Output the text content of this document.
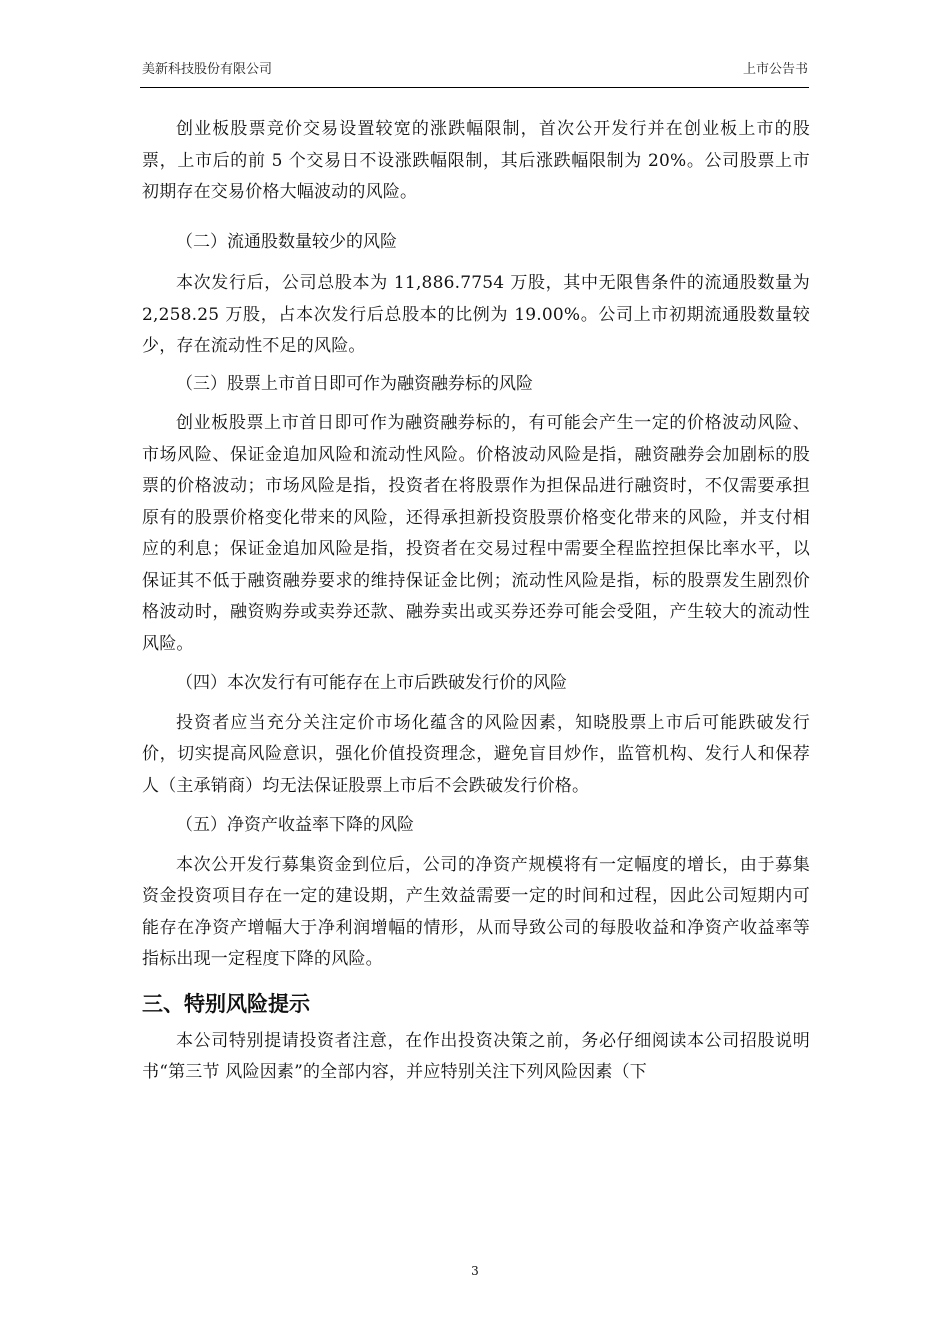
美新科技股份有限公司	上市公告书

创业板股票竞价交易设置较宽的涨跌幅限制，首次公开发行并在创业板上市的股票，上市后的前 5 个交易日不设涨跌幅限制，其后涨跌幅限制为 20%。公司股票上市初期存在交易价格大幅波动的风险。

（二）流通股数量较少的风险

本次发行后，公司总股本为 11,886.7754 万股，其中无限售条件的流通股数量为 2,258.25 万股，占本次发行后总股本的比例为 19.00%。公司上市初期流通股数量较少，存在流动性不足的风险。

（三）股票上市首日即可作为融资融券标的风险

创业板股票上市首日即可作为融资融券标的，有可能会产生一定的价格波动风险、市场风险、保证金追加风险和流动性风险。价格波动风险是指，融资融券会加剧标的股票的价格波动；市场风险是指，投资者在将股票作为担保品进行融资时，不仅需要承担原有的股票价格变化带来的风险，还得承担新投资股票价格变化带来的风险，并支付相应的利息；保证金追加风险是指，投资者在交易过程中需要全程监控担保比率水平，以保证其不低于融资融券要求的维持保证金比例；流动性风险是指，标的股票发生剧烈价格波动时，融资购券或卖券还款、融券卖出或买券还券可能会受阻，产生较大的流动性风险。

（四）本次发行有可能存在上市后跌破发行价的风险

投资者应当充分关注定价市场化蕴含的风险因素，知晓股票上市后可能跌破发行价，切实提高风险意识，强化价值投资理念，避免盲目炒作，监管机构、发行人和保荐人（主承销商）均无法保证股票上市后不会跌破发行价格。

（五）净资产收益率下降的风险

本次公开发行募集资金到位后，公司的净资产规模将有一定幅度的增长，由于募集资金投资项目存在一定的建设期，产生效益需要一定的时间和过程，因此公司短期内可能存在净资产增幅大于净利润增幅的情形，从而导致公司的每股收益和净资产收益率等指标出现一定程度下降的风险。

三、特别风险提示

本公司特别提请投资者注意，在作出投资决策之前，务必仔细阅读本公司招股说明书“第三节 风险因素”的全部内容，并应特别关注下列风险因素（下

3
